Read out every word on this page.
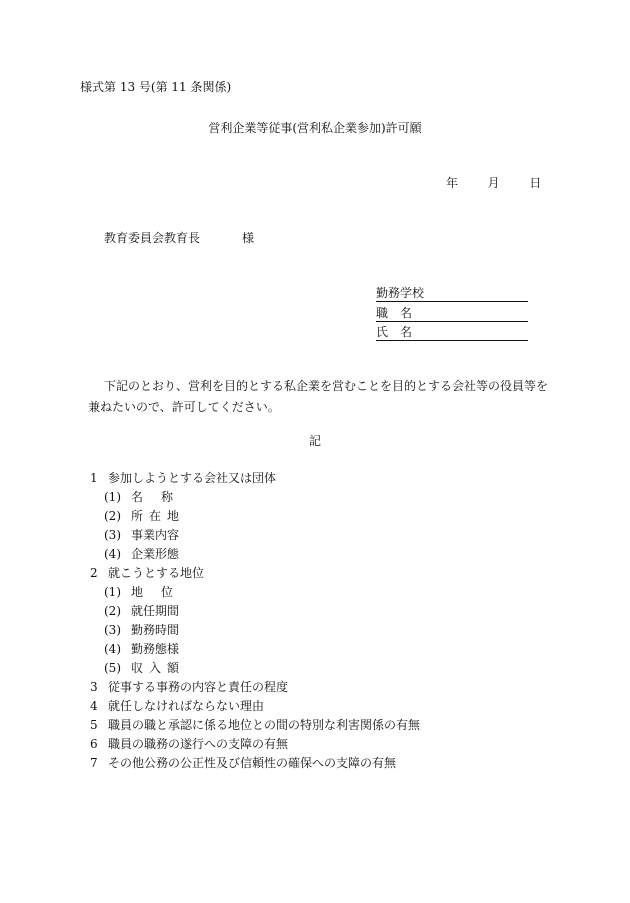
様式第 13 号(第 11 条関係)
営利企業等従事(営利私企業参加)許可願
年 月 日
教育委員会教育長	様
勤務学校
職　名
氏　名
下記のとおり、営利を目的とする私企業を営むことを目的とする会社等の役員等を兼ねたいので、許可してください。
記
1 参加しようとする会社又は団体
(1) 名称
(2) 所在地
(3) 事業内容
(4) 企業形態
2 就こうとする地位
(1) 地位
(2) 就任期間
(3) 勤務時間
(4) 勤務態様
(5) 収入額
3 従事する事務の内容と責任の程度
4 就任しなければならない理由
5 職員の職と承認に係る地位との間の特別な利害関係の有無
6 職員の職務の遂行への支障の有無
7 その他公務の公正性及び信頼性の確保への支障の有無
